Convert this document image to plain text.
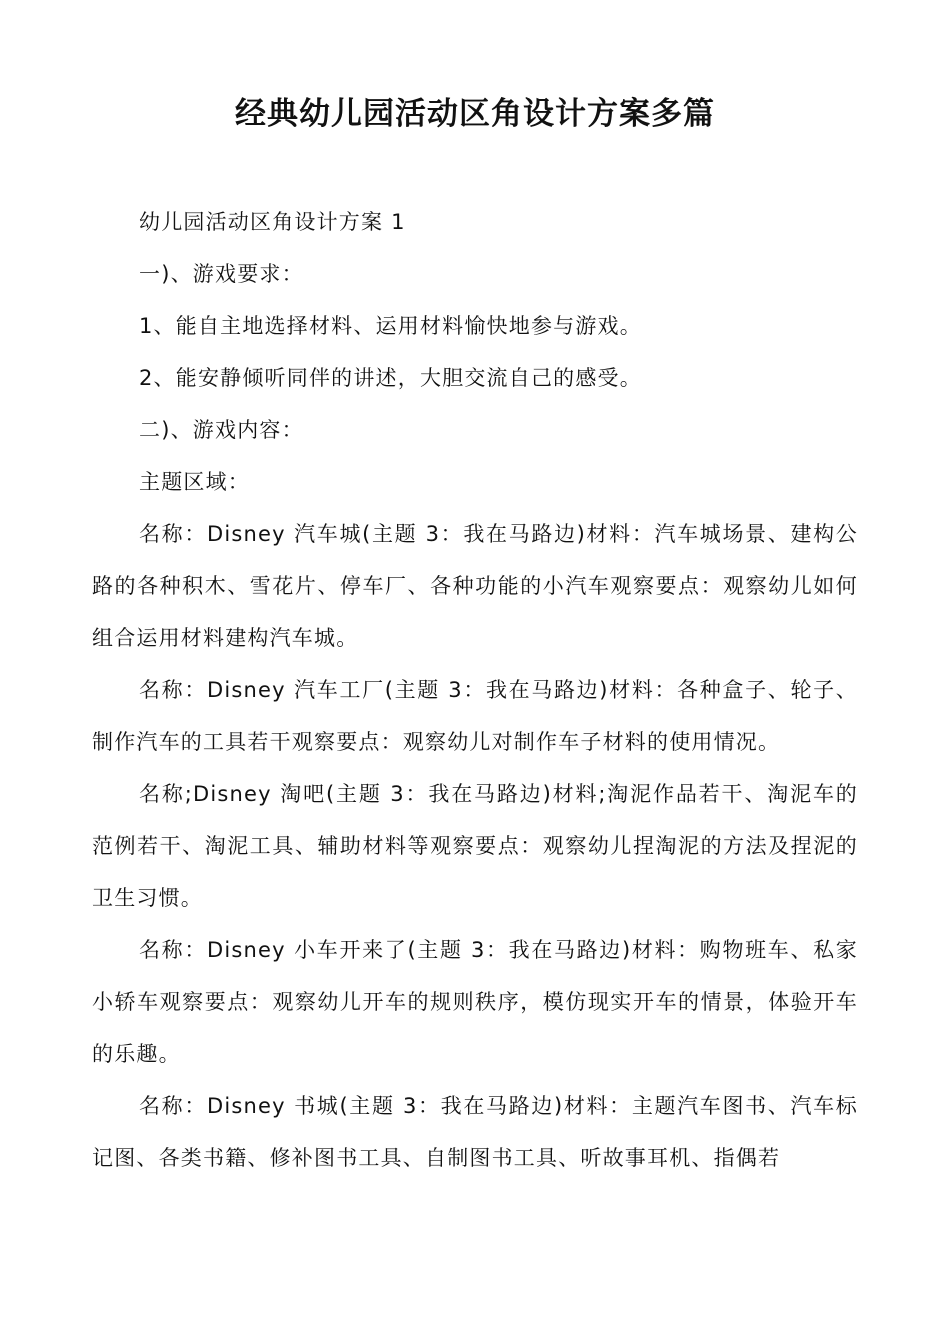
经典幼儿园活动区角设计方案多篇

幼儿园活动区角设计方案 1

一)、游戏要求：

1、能自主地选择材料、运用材料愉快地参与游戏。

2、能安静倾听同伴的讲述，大胆交流自己的感受。

二)、游戏内容：

主题区域：

名称：Disney 汽车城(主题 3：我在马路边)材料：汽车城场景、建构公路的各种积木、雪花片、停车厂、各种功能的小汽车观察要点：观察幼儿如何组合运用材料建构汽车城。

名称：Disney 汽车工厂(主题 3：我在马路边)材料：各种盒子、轮子、制作汽车的工具若干观察要点：观察幼儿对制作车子材料的使用情况。

名称;Disney 淘吧(主题 3：我在马路边)材料;淘泥作品若干、淘泥车的范例若干、淘泥工具、辅助材料等观察要点：观察幼儿捏淘泥的方法及捏泥的卫生习惯。

名称：Disney 小车开来了(主题 3：我在马路边)材料：购物班车、私家小轿车观察要点：观察幼儿开车的规则秩序，模仿现实开车的情景，体验开车的乐趣。

名称：Disney 书城(主题 3：我在马路边)材料：主题汽车图书、汽车标记图、各类书籍、修补图书工具、自制图书工具、听故事耳机、指偶若
